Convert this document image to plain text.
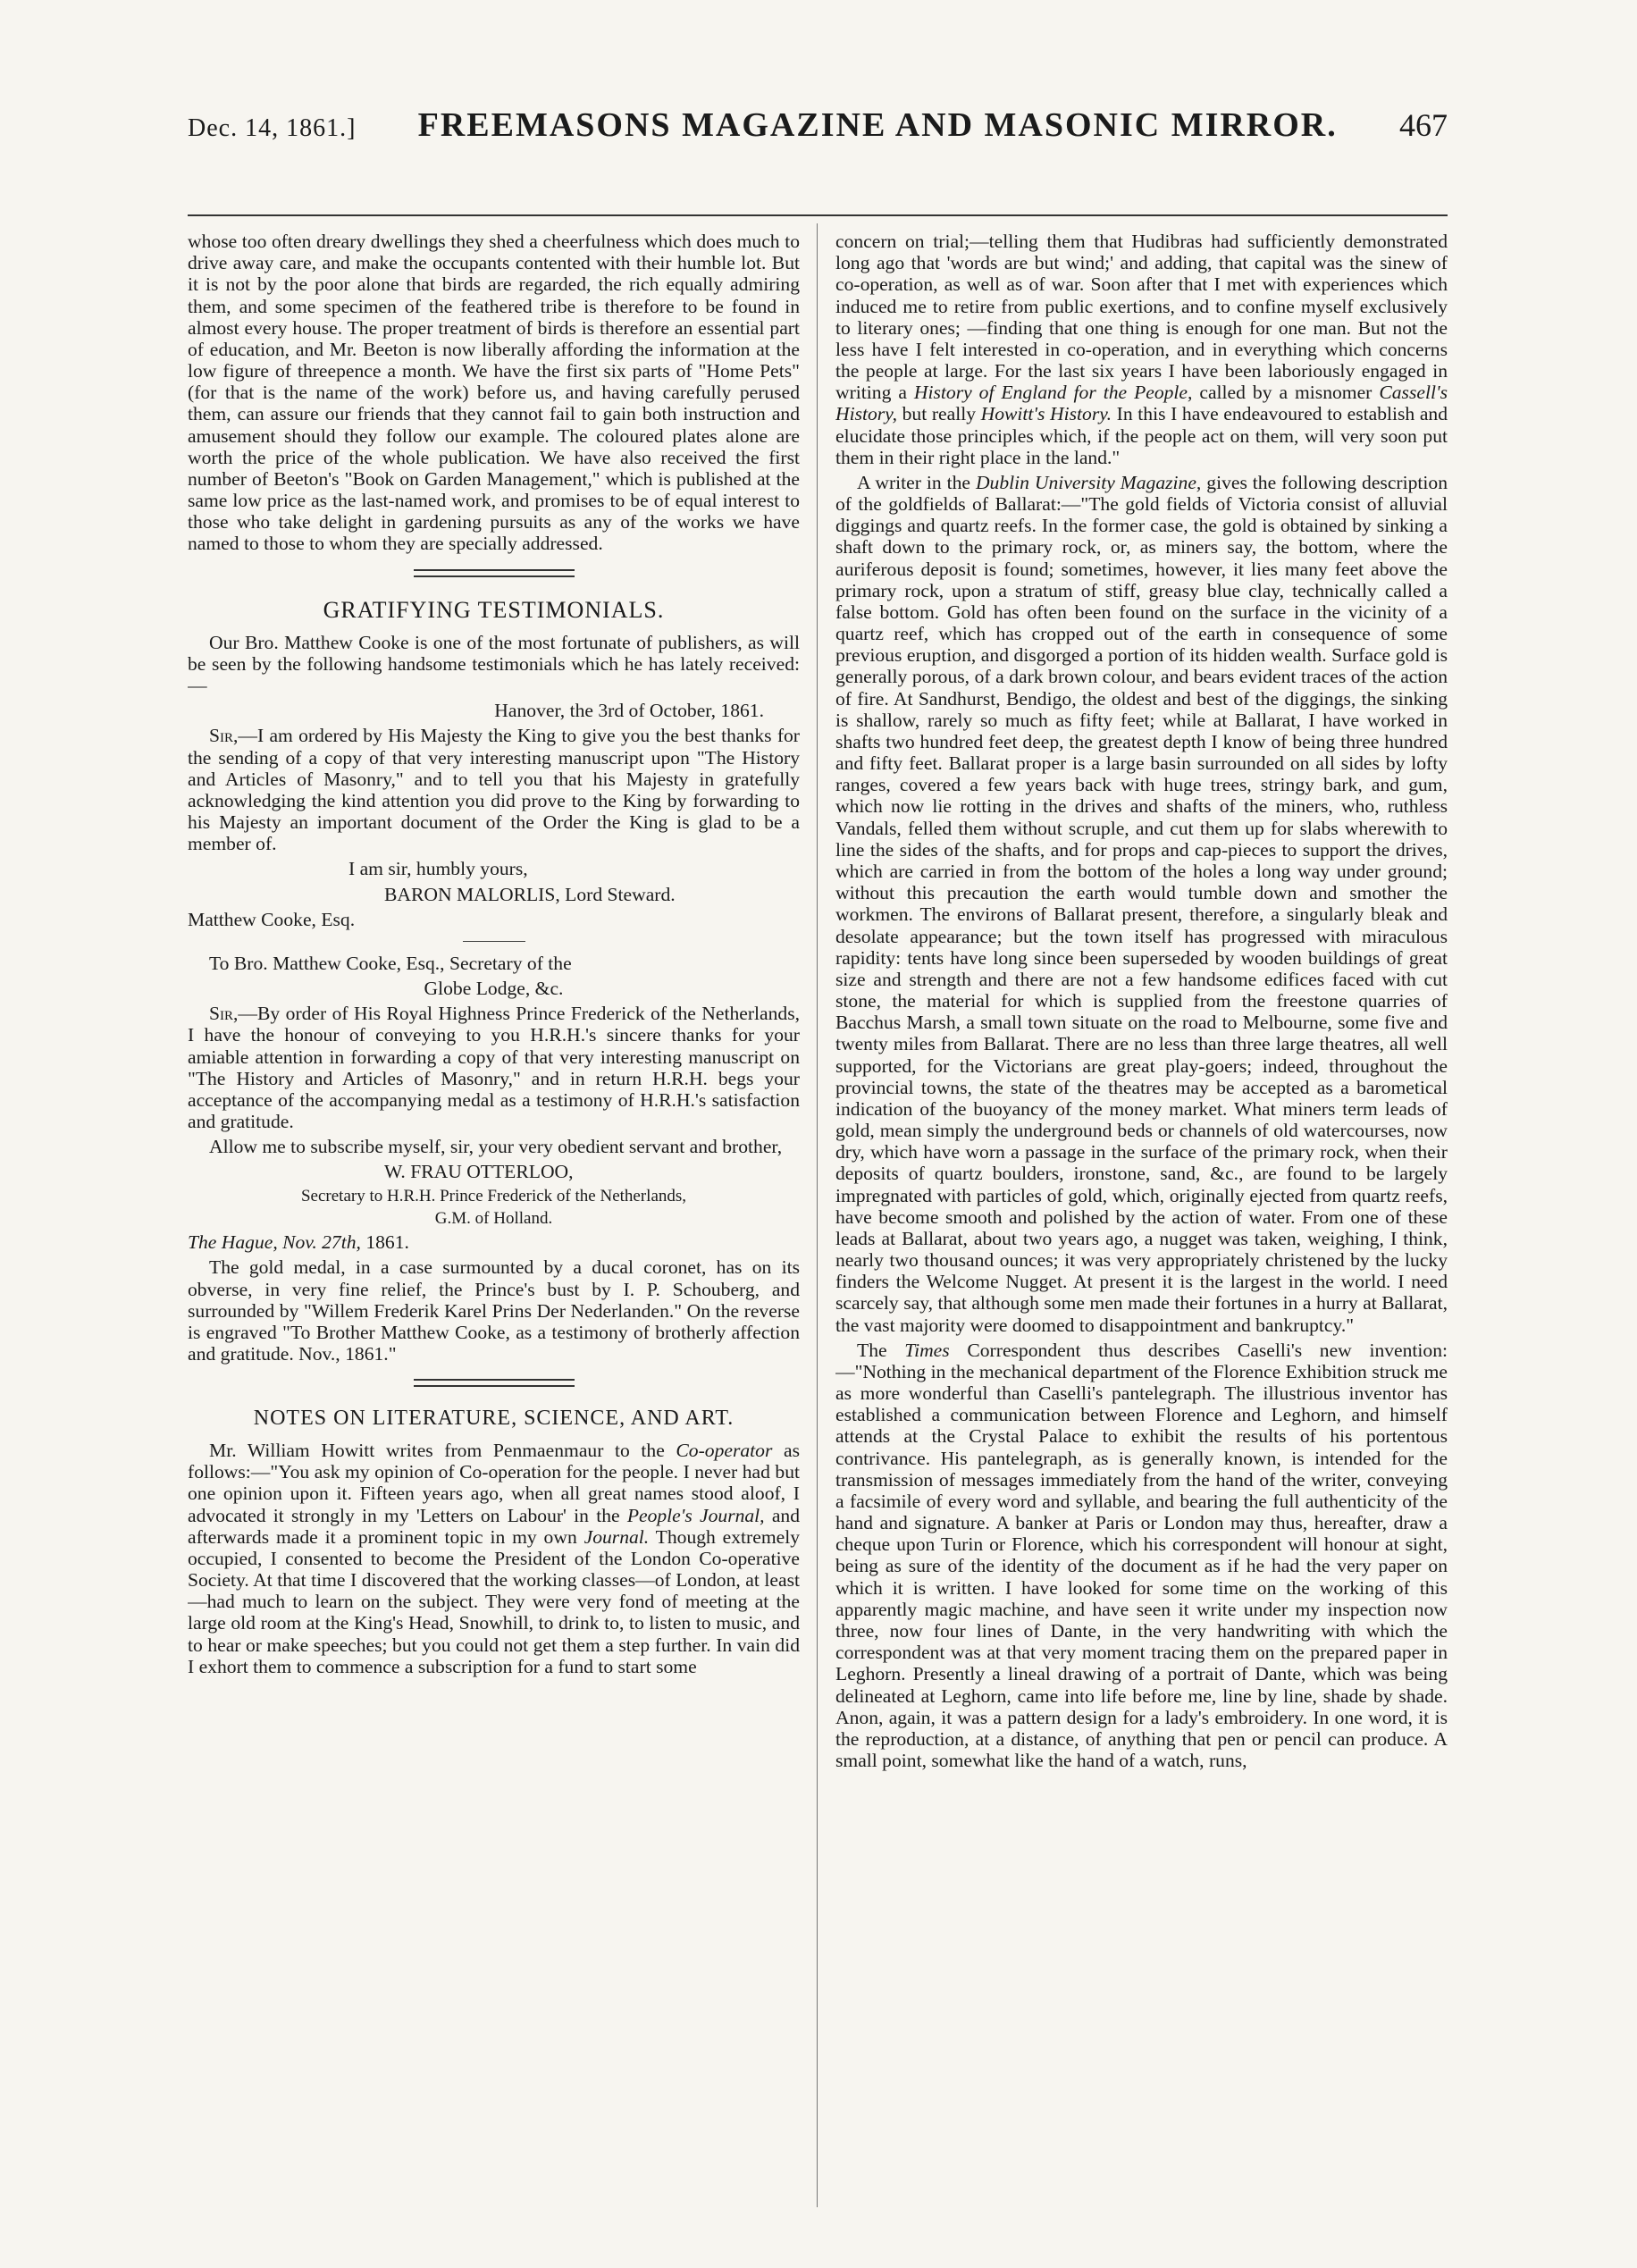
Dec. 14, 1861.] FREEMASONS MAGAZINE AND MASONIC MIRROR. 467

whose too often dreary dwellings they shed a cheerfulness which does much to drive away care, and make the occupants contented with their humble lot. But it is not by the poor alone that birds are regarded, the rich equally admiring them, and some specimen of the feathered tribe is therefore to be found in almost every house. The proper treatment of birds is therefore an essential part of education, and Mr. Beeton is now liberally affording the information at the low figure of threepence a month. We have the first six parts of "Home Pets" (for that is the name of the work) before us, and having carefully perused them, can assure our friends that they cannot fail to gain both instruction and amusement should they follow our example. The coloured plates alone are worth the price of the whole publication. We have also received the first number of Beeton's "Book on Garden Management," which is published at the same low price as the last-named work, and promises to be of equal interest to those who take delight in gardening pursuits as any of the works we have named to those to whom they are specially addressed.

GRATIFYING TESTIMONIALS.

Our Bro. Matthew Cooke is one of the most fortunate of publishers, as will be seen by the following handsome testimonials which he has lately received:—

Hanover, the 3rd of October, 1861.

Sir,—I am ordered by His Majesty the King to give you the best thanks for the sending of a copy of that very interesting manuscript upon "The History and Articles of Masonry," and to tell you that his Majesty in gratefully acknowledging the kind attention you did prove to the King by forwarding to his Majesty an important document of the Order the King is glad to be a member of.

I am sir, humbly yours,

BARON MALORLIS, Lord Steward.

Matthew Cooke, Esq.

To Bro. Matthew Cooke, Esq., Secretary of the

Globe Lodge, &c.

Sir,—By order of His Royal Highness Prince Frederick of the Netherlands, I have the honour of conveying to you H.R.H.'s sincere thanks for your amiable attention in forwarding a copy of that very interesting manuscript on "The History and Articles of Masonry," and in return H.R.H. begs your acceptance of the accompanying medal as a testimony of H.R.H.'s satisfaction and gratitude.

Allow me to subscribe myself, sir, your very obedient servant and brother,

W. FRAU OTTERLOO,

Secretary to H.R.H. Prince Frederick of the Netherlands,

G.M. of Holland.

The Hague, Nov. 27th, 1861.

The gold medal, in a case surmounted by a ducal coronet, has on its obverse, in very fine relief, the Prince's bust by I. P. Schouberg, and surrounded by "Willem Frederik Karel Prins Der Nederlanden." On the reverse is engraved "To Brother Matthew Cooke, as a testimony of brotherly affection and gratitude. Nov., 1861."

NOTES ON LITERATURE, SCIENCE, AND ART.

Mr. William Howitt writes from Penmaenmaur to the Co-operator as follows:—"You ask my opinion of Co-operation for the people. I never had but one opinion upon it. Fifteen years ago, when all great names stood aloof, I advocated it strongly in my 'Letters on Labour' in the People's Journal, and afterwards made it a prominent topic in my own Journal. Though extremely occupied, I consented to become the President of the London Co-operative Society. At that time I discovered that the working classes—of London, at least—had much to learn on the subject. They were very fond of meeting at the large old room at the King's Head, Snowhill, to drink to, to listen to music, and to hear or make speeches; but you could not get them a step further. In vain did I exhort them to commence a subscription for a fund to start some

concern on trial;—telling them that Hudibras had sufficiently demonstrated long ago that 'words are but wind;' and adding, that capital was the sinew of co-operation, as well as of war. Soon after that I met with experiences which induced me to retire from public exertions, and to confine myself exclusively to literary ones; —finding that one thing is enough for one man. But not the less have I felt interested in co-operation, and in everything which concerns the people at large. For the last six years I have been laboriously engaged in writing a History of England for the People, called by a misnomer Cassell's History, but really Howitt's History. In this I have endeavoured to establish and elucidate those principles which, if the people act on them, will very soon put them in their right place in the land."

A writer in the Dublin University Magazine, gives the following description of the goldfields of Ballarat:—"The gold fields of Victoria consist of alluvial diggings and quartz reefs. In the former case, the gold is obtained by sinking a shaft down to the primary rock, or, as miners say, the bottom, where the auriferous deposit is found; sometimes, however, it lies many feet above the primary rock, upon a stratum of stiff, greasy blue clay, technically called a false bottom. Gold has often been found on the surface in the vicinity of a quartz reef, which has cropped out of the earth in consequence of some previous eruption, and disgorged a portion of its hidden wealth. Surface gold is generally porous, of a dark brown colour, and bears evident traces of the action of fire. At Sandhurst, Bendigo, the oldest and best of the diggings, the sinking is shallow, rarely so much as fifty feet; while at Ballarat, I have worked in shafts two hundred feet deep, the greatest depth I know of being three hundred and fifty feet. Ballarat proper is a large basin surrounded on all sides by lofty ranges, covered a few years back with huge trees, stringy bark, and gum, which now lie rotting in the drives and shafts of the miners, who, ruthless Vandals, felled them without scruple, and cut them up for slabs wherewith to line the sides of the shafts, and for props and cap-pieces to support the drives, which are carried in from the bottom of the holes a long way under ground; without this precaution the earth would tumble down and smother the workmen. The environs of Ballarat present, therefore, a singularly bleak and desolate appearance; but the town itself has progressed with miraculous rapidity: tents have long since been superseded by wooden buildings of great size and strength and there are not a few handsome edifices faced with cut stone, the material for which is supplied from the freestone quarries of Bacchus Marsh, a small town situate on the road to Melbourne, some five and twenty miles from Ballarat. There are no less than three large theatres, all well supported, for the Victorians are great play-goers; indeed, throughout the provincial towns, the state of the theatres may be accepted as a barometical indication of the buoyancy of the money market. What miners term leads of gold, mean simply the underground beds or channels of old watercourses, now dry, which have worn a passage in the surface of the primary rock, when their deposits of quartz boulders, ironstone, sand, &c., are found to be largely impregnated with particles of gold, which, originally ejected from quartz reefs, have become smooth and polished by the action of water. From one of these leads at Ballarat, about two years ago, a nugget was taken, weighing, I think, nearly two thousand ounces; it was very appropriately christened by the lucky finders the Welcome Nugget. At present it is the largest in the world. I need scarcely say, that although some men made their fortunes in a hurry at Ballarat, the vast majority were doomed to disappointment and bankruptcy."

The Times Correspondent thus describes Caselli's new invention: —"Nothing in the mechanical department of the Florence Exhibition struck me as more wonderful than Caselli's pantelegraph. The illustrious inventor has established a communication between Florence and Leghorn, and himself attends at the Crystal Palace to exhibit the results of his portentous contrivance. His pantelegraph, as is generally known, is intended for the transmission of messages immediately from the hand of the writer, conveying a facsimile of every word and syllable, and bearing the full authenticity of the hand and signature. A banker at Paris or London may thus, hereafter, draw a cheque upon Turin or Florence, which his correspondent will honour at sight, being as sure of the identity of the document as if he had the very paper on which it is written. I have looked for some time on the working of this apparently magic machine, and have seen it write under my inspection now three, now four lines of Dante, in the very handwriting with which the correspondent was at that very moment tracing them on the prepared paper in Leghorn. Presently a lineal drawing of a portrait of Dante, which was being delineated at Leghorn, came into life before me, line by line, shade by shade. Anon, again, it was a pattern design for a lady's embroidery. In one word, it is the reproduction, at a distance, of anything that pen or pencil can produce. A small point, somewhat like the hand of a watch, runs,
